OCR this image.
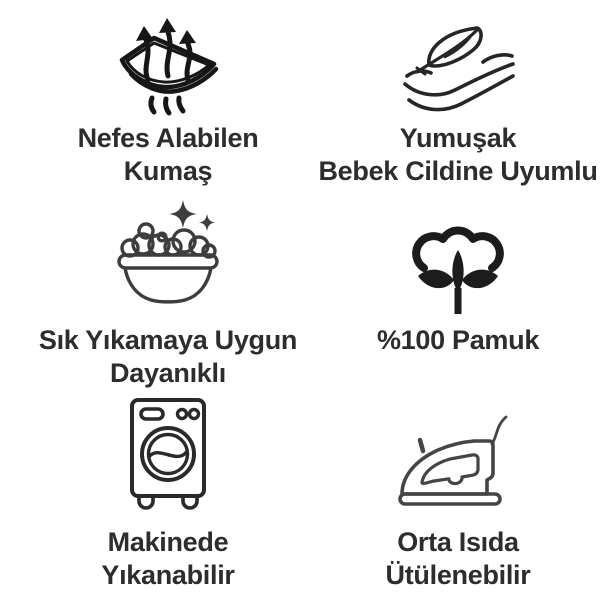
Nefes Alabilen
Kumaş
Yumuşak
Bebek Cildine Uyumlu
Sık Yıkamaya Uygun
Dayanıklı
%100 Pamuk
Makinede
Yıkanabilir
Orta Isıda
Ütülenebilir
